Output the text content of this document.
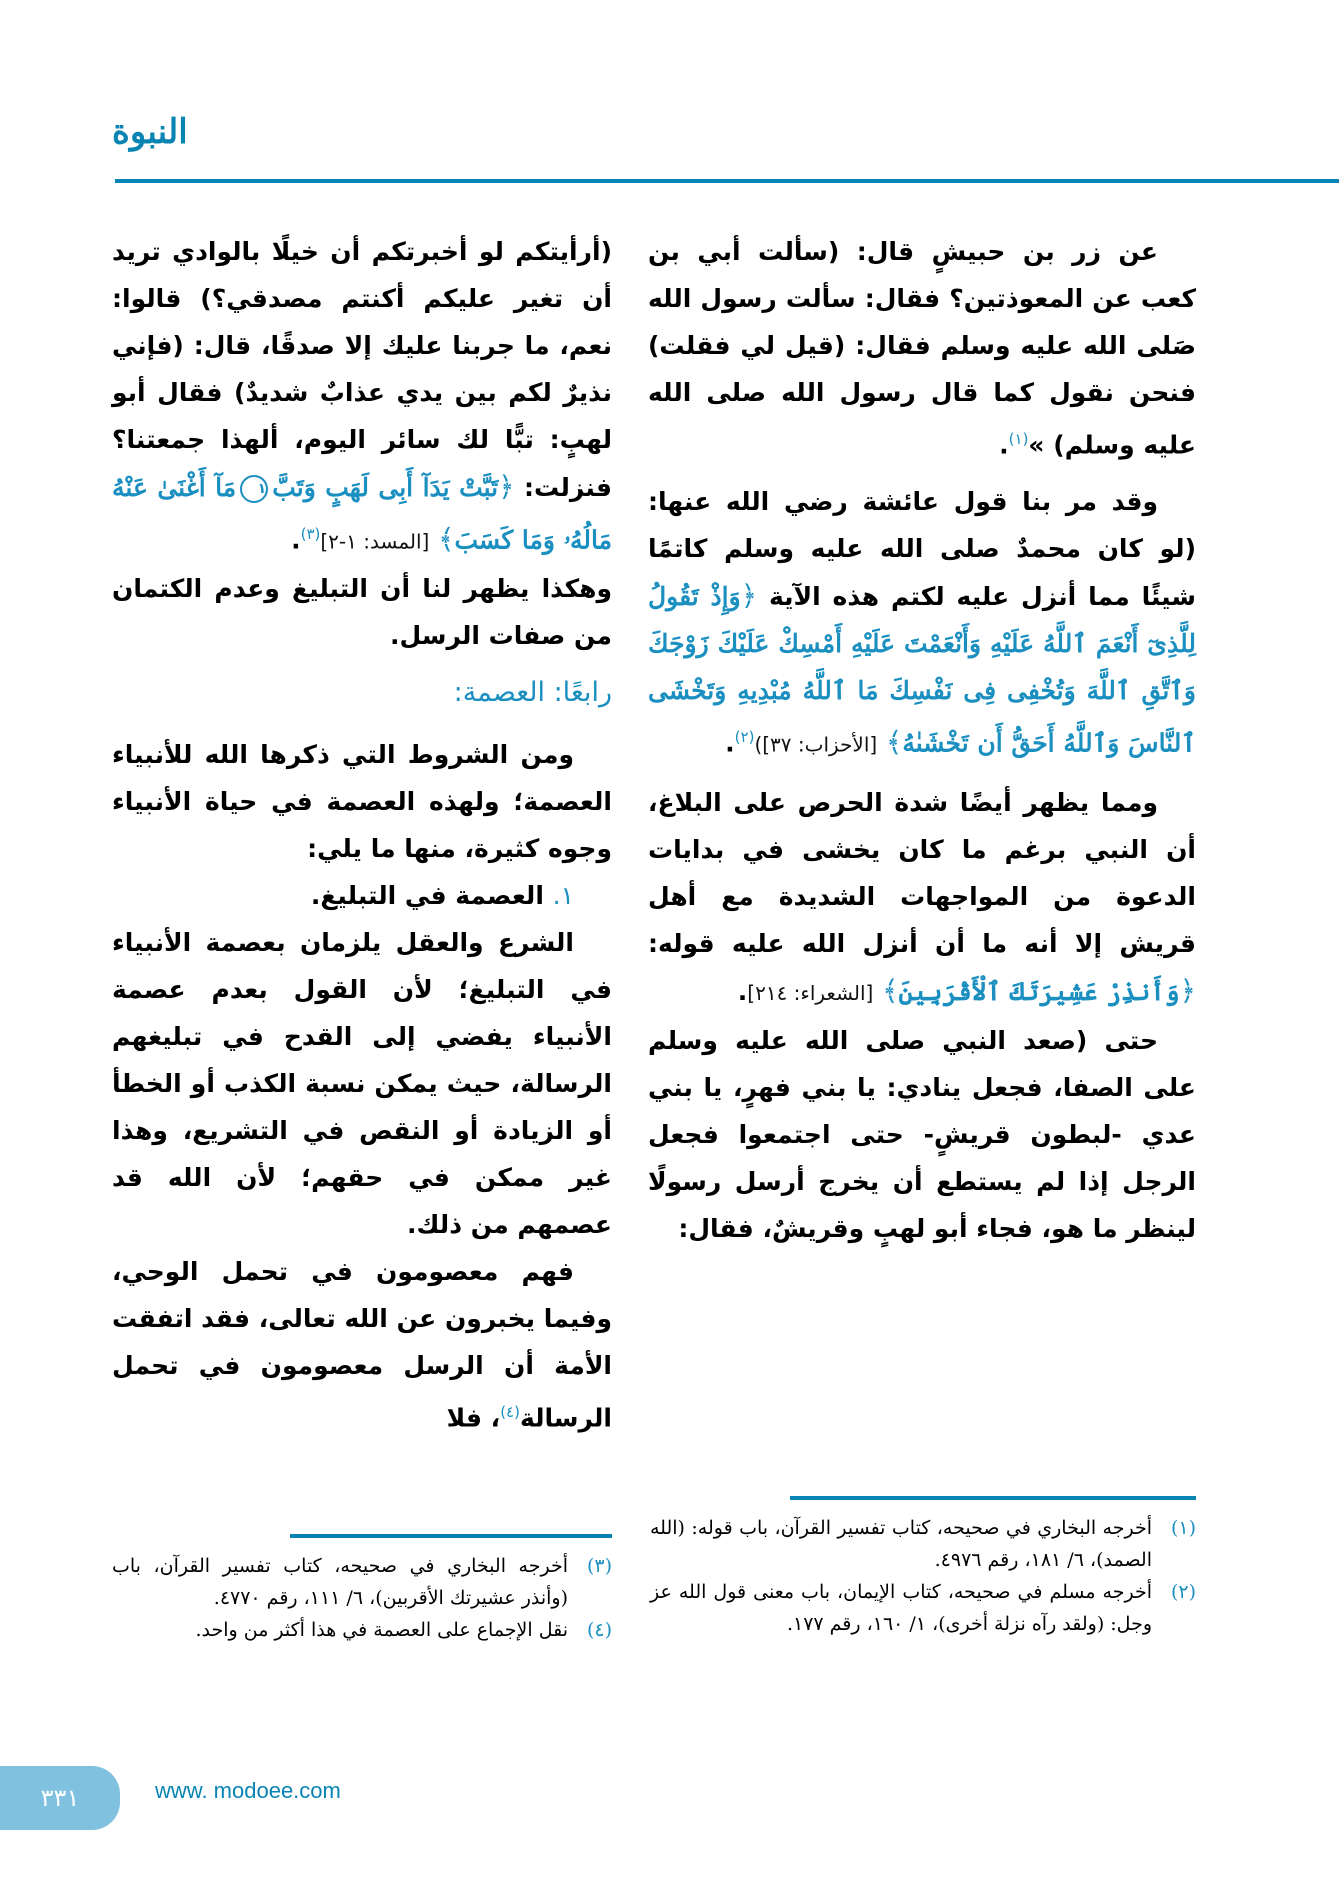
النبوة

عن زر بن حبيشٍ قال: (سألت أبي بن كعب عن المعوذتين؟ فقال: سألت رسول الله صَلى الله عليه وسلم فقال: (قيل لي فقلت) فنحن نقول كما قال رسول الله صلى الله عليه وسلم) »$^{(١)}$.

وقد مر بنا قول عائشة رضي الله عنها: (لو كان محمدٌ صلى الله عليه وسلم كاتمًا شيئًا مما أنزل عليه لكتم هذه الآية ﴿وَإِذْ تَقُولُ لِلَّذِىٓ أَنْعَمَ ٱللَّهُ عَلَيْهِ وَأَنْعَمْتَ عَلَيْهِ أَمْسِكْ عَلَيْكَ زَوْجَكَ وَٱتَّقِ ٱللَّهَ وَتُخْفِى فِى نَفْسِكَ مَا ٱللَّهُ مُبْدِيهِ وَتَخْشَى ٱلنَّاسَ وَٱللَّهُ أَحَقُّ أَن تَخْشَىٰهُ﴾ [الأحزاب: ٣٧])$^{(٢)}$.

ومما يظهر أيضًا شدة الحرص على البلاغ، أن النبي برغم ما كان يخشى في بدايات الدعوة من المواجهات الشديدة مع أهل قريش إلا أنه ما أن أنزل الله عليه قوله: ﴿وَأَنذِرْ عَشِيرَتَكَ ٱلْأَقْرَبِينَ﴾ [الشعراء: ٢١٤].

حتى (صعد النبي صلى الله عليه وسلم على الصفا، فجعل ينادي: يا بني فهرٍ، يا بني عدي -لبطون قريشٍ- حتى اجتمعوا فجعل الرجل إذا لم يستطع أن يخرج أرسل رسولًا لينظر ما هو، فجاء أبو لهبٍ وقريشٌ، فقال:

(أرأيتكم لو أخبرتكم أن خيلًا بالوادي تريد أن تغير عليكم أكنتم مصدقي؟) قالوا: نعم، ما جربنا عليك إلا صدقًا، قال: (فإني نذيرٌ لكم بين يدي عذابٌ شديدٌ) فقال أبو لهبٍ: تبًّا لك سائر اليوم، ألهذا جمعتنا؟ فنزلت: ﴿تَبَّتْ يَدَآ أَبِى لَهَبٍ وَتَبَّ١مَآ أَغْنَىٰ عَنْهُ مَالُهُۥ وَمَا كَسَبَ﴾ [المسد: ١-٢]$^{(٣)}$.

وهكذا يظهر لنا أن التبليغ وعدم الكتمان من صفات الرسل.

رابعًا: العصمة:

ومن الشروط التي ذكرها الله للأنبياء العصمة؛ ولهذه العصمة في حياة الأنبياء وجوه كثيرة، منها ما يلي:

١. العصمة في التبليغ.

الشرع والعقل يلزمان بعصمة الأنبياء في التبليغ؛ لأن القول بعدم عصمة الأنبياء يفضي إلى القدح في تبليغهم الرسالة، حيث يمكن نسبة الكذب أو الخطأ أو الزيادة أو النقص في التشريع، وهذا غير ممكن في حقهم؛ لأن الله قد عصمهم من ذلك.

فهم معصومون في تحمل الوحي، وفيما يخبرون عن الله تعالى، فقد اتفقت الأمة أن الرسل معصومون في تحمل الرسالة$^{(٤)}$، فلا

(١)
أخرجه البخاري في صحيحه، كتاب تفسير القرآن، باب قوله: (الله الصمد)، ٦/ ١٨١، رقم ٤٩٧٦.
(٢)
أخرجه مسلم في صحيحه، كتاب الإيمان، باب معنى قول الله عز وجل: (ولقد رآه نزلة أخرى)، ١/ ١٦٠، رقم ١٧٧.
(٣)
أخرجه البخاري في صحيحه، كتاب تفسير القرآن، باب (وأنذر عشيرتك الأقربين)، ٦/ ١١١، رقم ٤٧٧٠.
(٤)
نقل الإجماع على العصمة في هذا أكثر من واحد.
٣٣١	www. modoee.com
